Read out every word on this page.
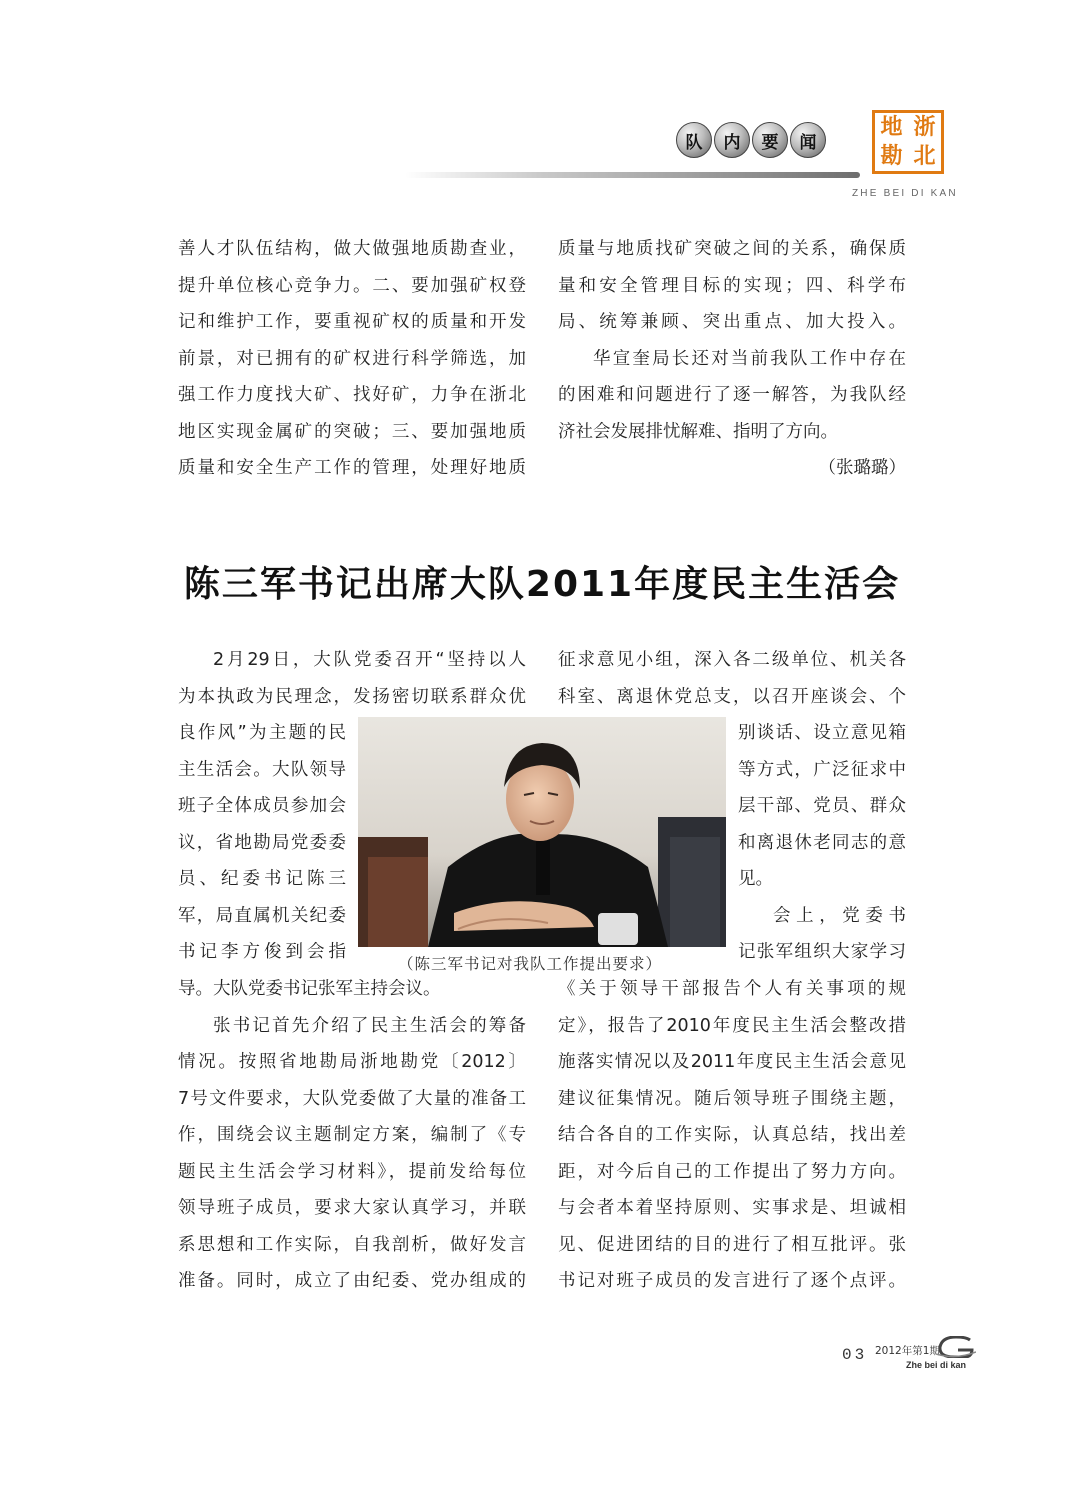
队	内	要	闻
地 浙
勘 北
ZHE BEI DI KAN
善人才队伍结构，做大做强地质勘查业，
提升单位核心竞争力。二、要加强矿权登
记和维护工作，要重视矿权的质量和开发
前景，对已拥有的矿权进行科学筛选，加
强工作力度找大矿、找好矿，力争在浙北
地区实现金属矿的突破；三、要加强地质
质量和安全生产工作的管理，处理好地质
质量与地质找矿突破之间的关系，确保质
量和安全管理目标的实现；四、科学布
局、统筹兼顾、突出重点、加大投入。
华宣奎局长还对当前我队工作中存在
的困难和问题进行了逐一解答，为我队经
济社会发展排忧解难、指明了方向。
（张璐璐）
陈三军书记出席大队2011年度民主生活会
2月29日，大队党委召开“坚持以人
为本执政为民理念，发扬密切联系群众优
良作风”为主题的民
主生活会。大队领导
班子全体成员参加会
议，省地勘局党委委
员、纪委书记陈三
军，局直属机关纪委
书记李方俊到会指
导。大队党委书记张军主持会议。
张书记首先介绍了民主生活会的筹备
情况。按照省地勘局浙地勘党〔2012〕
7号文件要求，大队党委做了大量的准备工
作，围绕会议主题制定方案，编制了《专
题民主生活会学习材料》，提前发给每位
领导班子成员，要求大家认真学习，并联
系思想和工作实际，自我剖析，做好发言
准备。同时，成立了由纪委、党办组成的
征求意见小组，深入各二级单位、机关各
科室、离退休党总支，以召开座谈会、个
别谈话、设立意见箱
等方式，广泛征求中
层干部、党员、群众
和离退休老同志的意
见。
会上，党委书
记张军组织大家学习
《关于领导干部报告个人有关事项的规
定》，报告了2010年度民主生活会整改措
施落实情况以及2011年度民主生活会意见
建议征集情况。随后领导班子围绕主题，
结合各自的工作实际，认真总结，找出差
距，对今后自己的工作提出了努力方向。
与会者本着坚持原则、实事求是、坦诚相
见、促进团结的目的进行了相互批评。张
书记对班子成员的发言进行了逐个点评。
（陈三军书记对我队工作提出要求）
03 2012年第1期
Zhe bei di kan
